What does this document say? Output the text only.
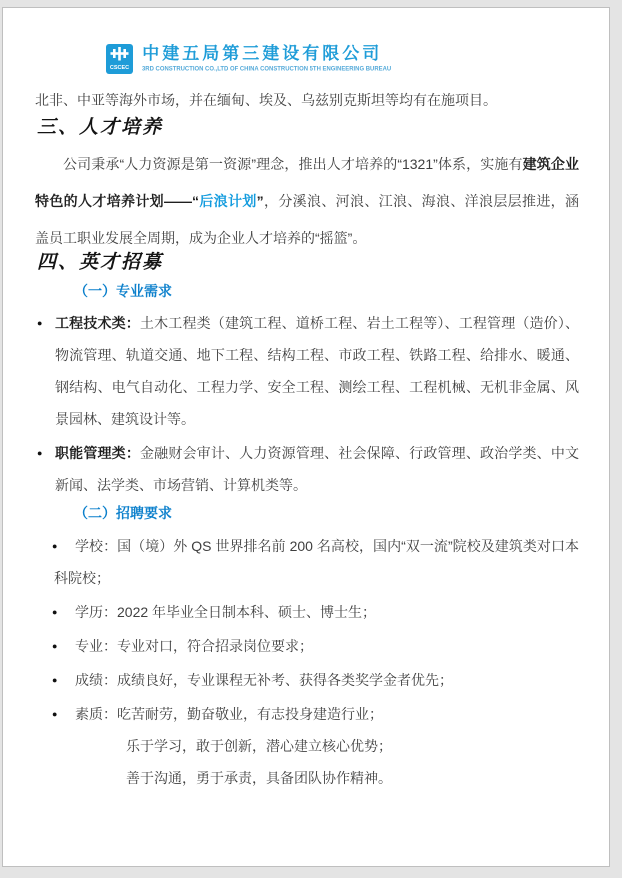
CSCEC
中建五局第三建设有限公司
3RD CONSTRUCTION CO.,LTD OF CHINA CONSTRUCTION 5TH ENGINEERING BUREAU

北非、中亚等海外市场，并在缅甸、埃及、乌兹别克斯坦等均有在施项目。

三、人才培养

公司秉承“人力资源是第一资源”理念，推出人才培养的“1321”体系，实施有建筑企业特色的人才培养计划——“后浪计划”，分溪浪、河浪、江浪、海浪、洋浪层层推进，涵盖员工职业发展全周期，成为企业人才培养的“摇篮”。

四、英才招募
（一）专业需求
● 工程技术类：土木工程类（建筑工程、道桥工程、岩土工程等）、工程管理（造价）、物流管理、轨道交通、地下工程、结构工程、市政工程、铁路工程、给排水、暖通、钢结构、电气自动化、工程力学、安全工程、测绘工程、工程机械、无机非金属、风景园林、建筑设计等。
● 职能管理类：金融财会审计、人力资源管理、社会保障、行政管理、政治学类、中文新闻、法学类、市场营销、计算机类等。
（二）招聘要求
● 学校：国（境）外 QS 世界排名前 200 名高校，国内“双一流”院校及建筑类对口本科院校；
● 学历：2022 年毕业全日制本科、硕士、博士生；
● 专业：专业对口，符合招录岗位要求；
● 成绩：成绩良好，专业课程无补考、获得各类奖学金者优先；
● 素质：吃苦耐劳，勤奋敬业，有志投身建造行业；
乐于学习，敢于创新，潜心建立核心优势；
善于沟通，勇于承责，具备团队协作精神。
